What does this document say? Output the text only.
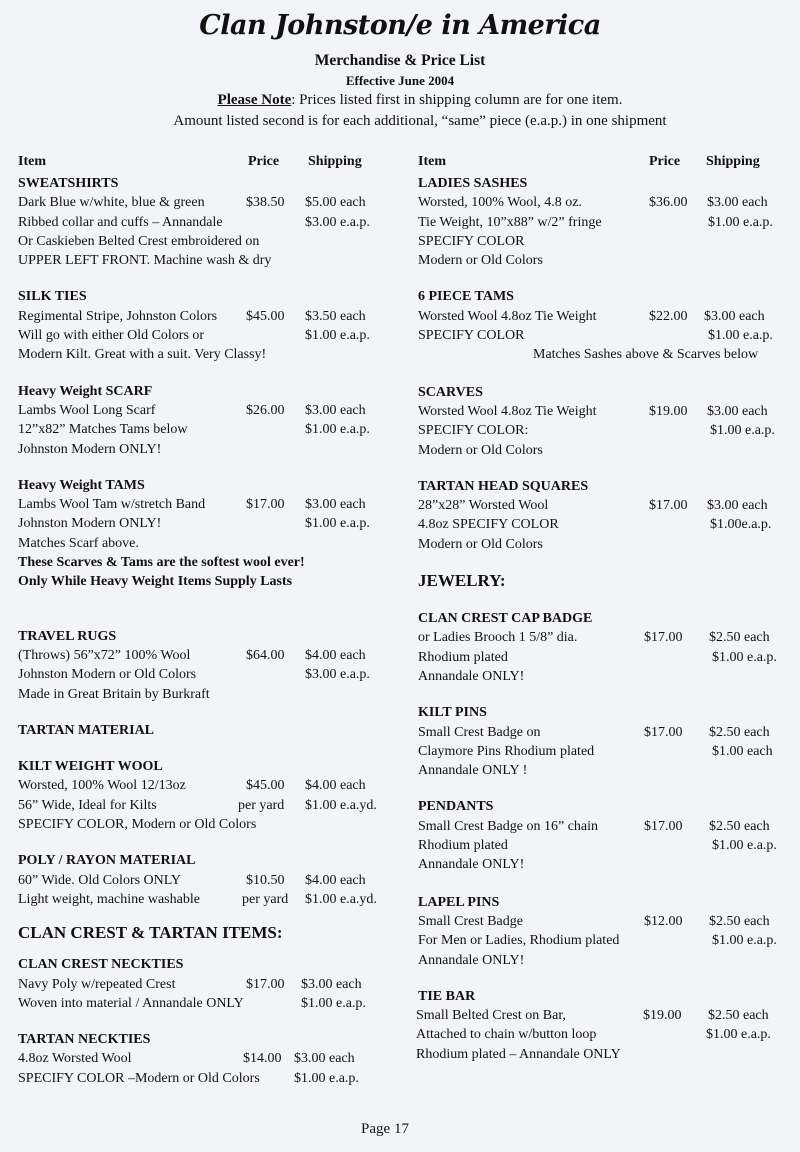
Clan Johnston/e in America
Merchandise & Price List
Effective June 2004
Please Note: Prices listed first in shipping column are for one item.
Amount listed second is for each additional, “same” piece (e.a.p.) in one shipment
Item	Price Shipping
SWEATSHIRTS
Dark Blue w/white, blue & green	$38.50 $5.00 each
Ribbed collar and cuffs – Annandale	$3.00 e.a.p.
Or Caskieben Belted Crest embroidered on
UPPER LEFT FRONT. Machine wash & dry
SILK TIES
Regimental Stripe, Johnston Colors $45.00 $3.50 each
Will go with either Old Colors or	$1.00 e.a.p.
Modern Kilt. Great with a suit. Very Classy!
Heavy Weight SCARF
Lambs Wool Long Scarf	$26.00 $3.00 each
12”x82” Matches Tams below	$1.00 e.a.p.
Johnston Modern ONLY!
Heavy Weight TAMS
Lambs Wool Tam w/stretch Band	$17.00 $3.00 each
Johnston Modern ONLY!	$1.00 e.a.p.
Matches Scarf above.
These Scarves & Tams are the softest wool ever!
Only While Heavy Weight Items Supply Lasts
TRAVEL RUGS
(Throws) 56”x72” 100% Wool	$64.00 $4.00 each
Johnston Modern or Old Colors	$3.00 e.a.p.
Made in Great Britain by Burkraft
TARTAN MATERIAL
KILT WEIGHT WOOL
Worsted, 100% Wool 12/13oz	$45.00 $4.00 each
56” Wide, Ideal for Kilts	per yard $1.00 e.a.yd.
SPECIFY COLOR, Modern or Old Colors
POLY / RAYON MATERIAL
60” Wide. Old Colors ONLY	$10.50 $4.00 each
Light weight, machine washable	per yard $1.00 e.a.yd.
CLAN CREST & TARTAN ITEMS:
CLAN CREST NECKTIES
Navy Poly w/repeated Crest	$17.00 $3.00 each
Woven into material / Annandale ONLY	$1.00 e.a.p.
TARTAN NECKTIES
4.8oz Worsted Wool	$14.00 $3.00 each
SPECIFY COLOR –Modern or Old Colors $1.00 e.a.p.
Item	Price Shipping
LADIES SASHES
Worsted, 100% Wool, 4.8 oz.	$36.00 $3.00 each
Tie Weight, 10”x88” w/2” fringe	$1.00 e.a.p.
SPECIFY COLOR
Modern or Old Colors
6 PIECE TAMS
Worsted Wool 4.8oz Tie Weight	$22.00 $3.00 each
SPECIFY COLOR	$1.00 e.a.p.
Matches Sashes above & Scarves below
SCARVES
Worsted Wool 4.8oz Tie Weight	$19.00 $3.00 each
SPECIFY COLOR:	$1.00 e.a.p.
Modern or Old Colors
TARTAN HEAD SQUARES
28”x28” Worsted Wool	$17.00 $3.00 each
4.8oz SPECIFY COLOR	$1.00e.a.p.
Modern or Old Colors
JEWELRY:
CLAN CREST CAP BADGE
or Ladies Brooch 1 5/8” dia.	$17.00 $2.50 each
Rhodium plated	$1.00 e.a.p.
Annandale ONLY!
KILT PINS
Small Crest Badge on	$17.00 $2.50 each
Claymore Pins Rhodium plated	$1.00 each
Annandale ONLY !
PENDANTS
Small Crest Badge on 16” chain	$17.00 $2.50 each
Rhodium plated	$1.00 e.a.p.
Annandale ONLY!
LAPEL PINS
Small Crest Badge	$12.00 $2.50 each
For Men or Ladies, Rhodium plated	$1.00 e.a.p.
Annandale ONLY!
TIE BAR
Small Belted Crest on Bar,	$19.00 $2.50 each
Attached to chain w/button loop	$1.00 e.a.p.
Rhodium plated – Annandale ONLY
Page 17
